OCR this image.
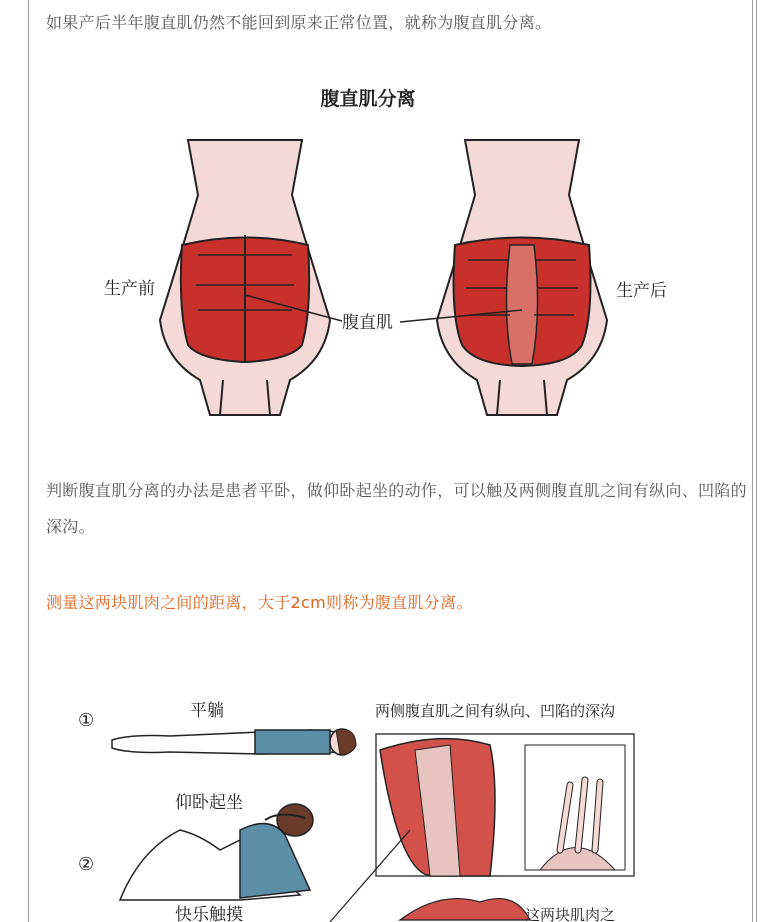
如果产后半年腹直肌仍然不能回到原来正常位置，就称为腹直肌分离。
腹直肌分离
生产前	生产后
腹直肌
判断腹直肌分离的办法是患者平卧，做仰卧起坐的动作，可以触及两侧腹直肌之间有纵向、凹陷的深沟。
测量这两块肌肉之间的距离，大于2cm则称为腹直肌分离。
①	平躺
仰卧起坐
②
两侧腹直肌之间有纵向、凹陷的深沟
快乐触摸	这两块肌肉之
